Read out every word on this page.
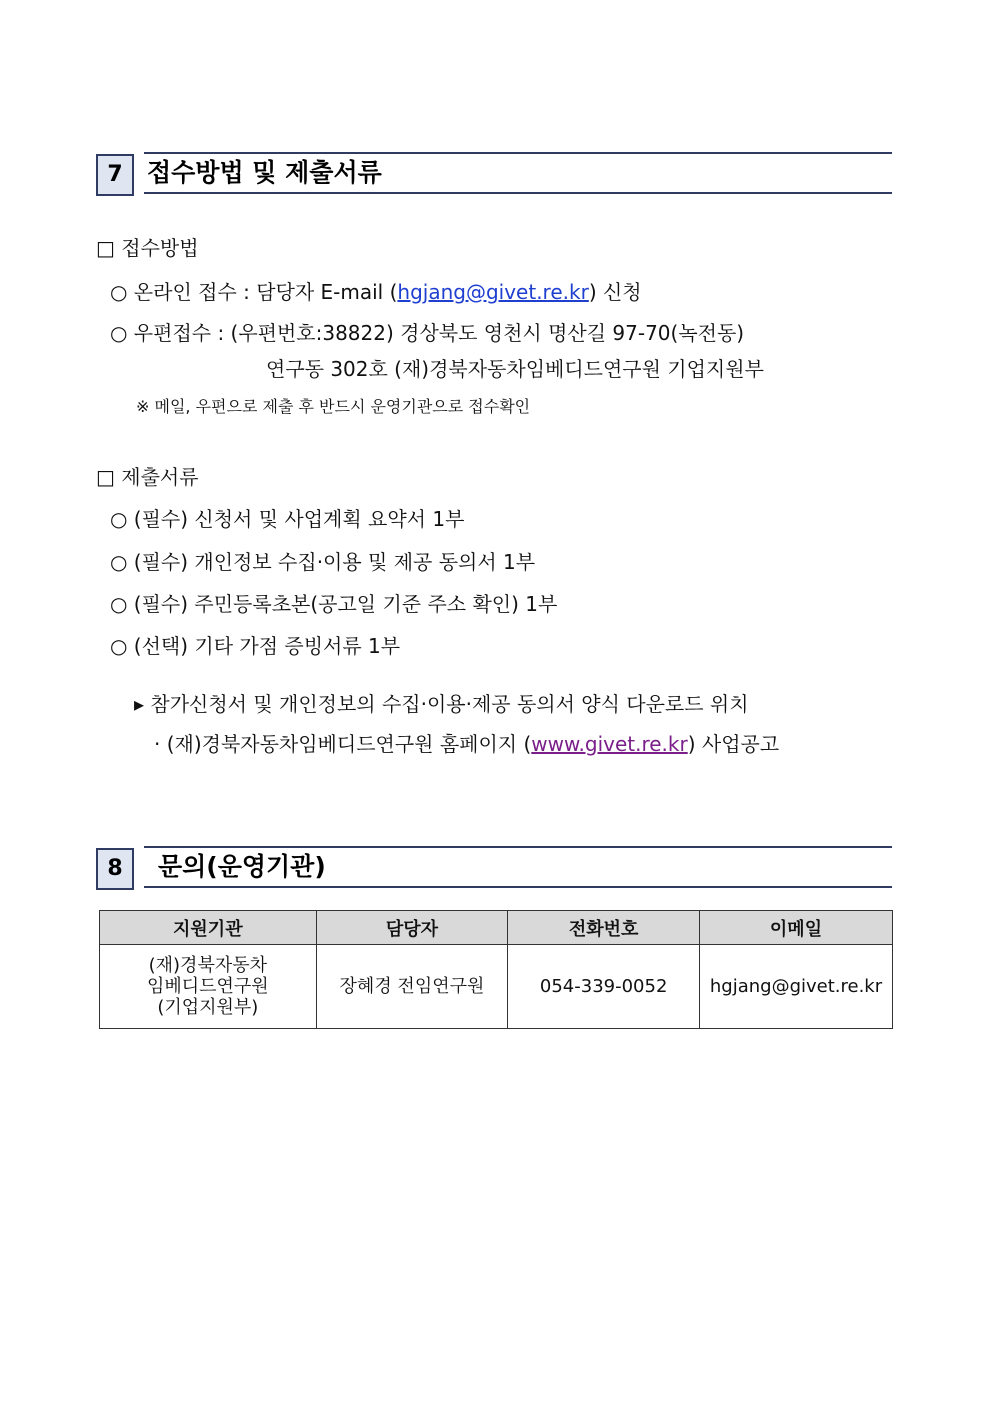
7 접수방법 및 제출서류
□ 접수방법
○ 온라인 접수 : 담당자 E-mail (hgjang@givet.re.kr) 신청
○ 우편접수 : (우편번호:38822) 경상북도 영천시 명산길 97-70(녹전동)
연구동 302호 (재)경북자동차임베디드연구원 기업지원부
※ 메일, 우편으로 제출 후 반드시 운영기관으로 접수확인
□ 제출서류
○ (필수) 신청서 및 사업계획 요약서 1부
○ (필수) 개인정보 수집·이용 및 제공 동의서 1부
○ (필수) 주민등록초본(공고일 기준 주소 확인) 1부
○ (선택) 기타 가점 증빙서류 1부
▸ 참가신청서 및 개인정보의 수집·이용·제공 동의서 양식 다운로드 위치
· (재)경북자동차임베디드연구원 홈페이지 (www.givet.re.kr) 사업공고
8	문의(운영기관)
지원기관	담당자	전화번호	이메일

(재)경북자동차
임베디드연구원
(기업지원부)	장혜경 전임연구원	054-339-0052	hgjang@givet.re.kr
